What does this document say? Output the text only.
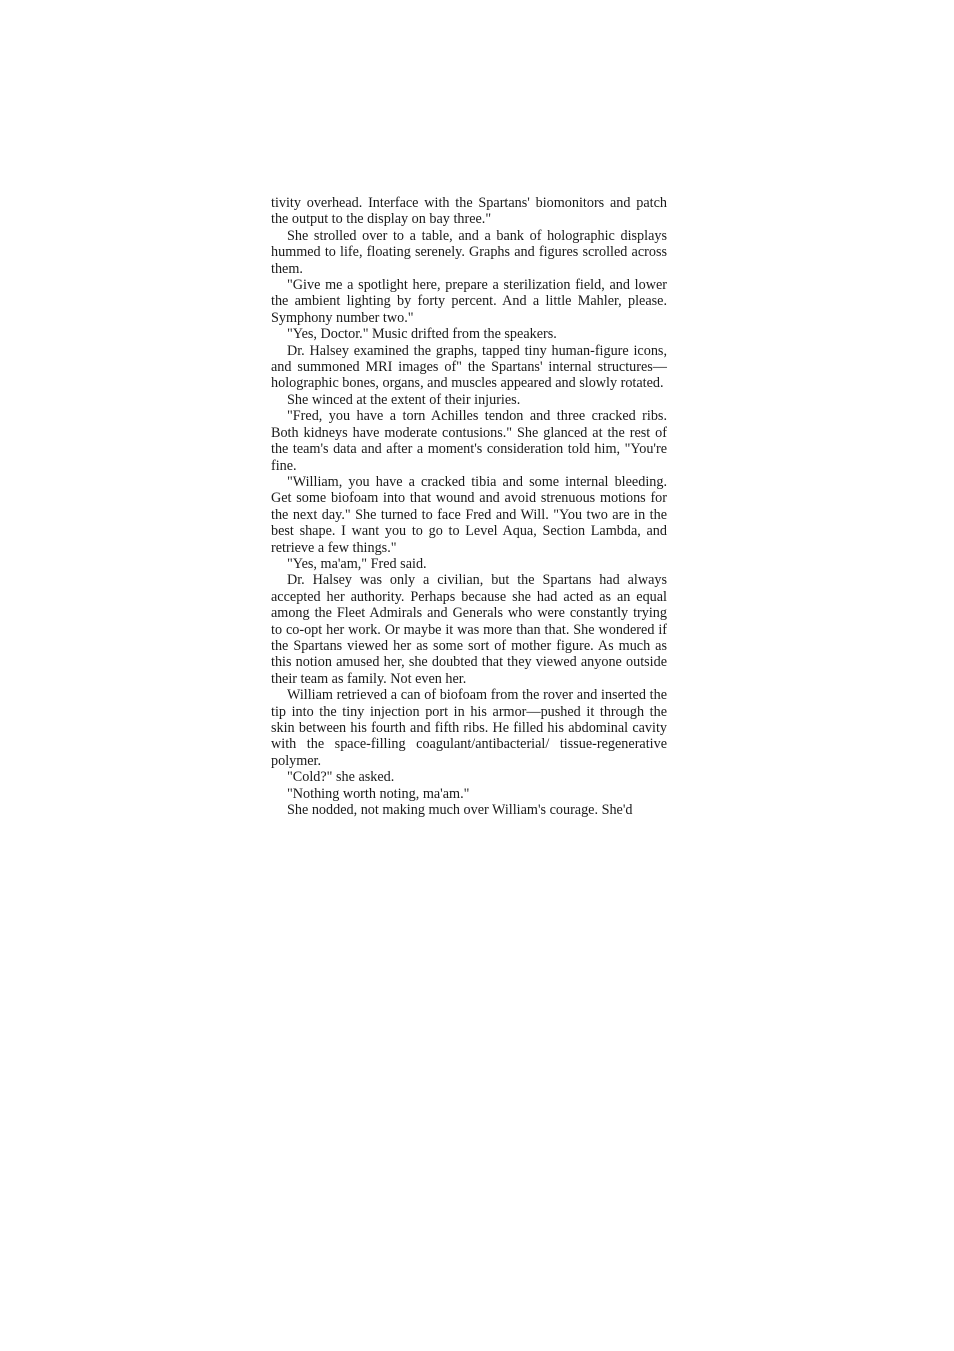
tivity overhead. Interface with the Spartans' biomonitors and patch the output to the display on bay three."

She strolled over to a table, and a bank of holographic displays hummed to life, floating serenely. Graphs and figures scrolled across them.

"Give me a spotlight here, prepare a sterilization field, and lower the ambient lighting by forty percent. And a little Mahler, please. Symphony number two."

"Yes, Doctor." Music drifted from the speakers.

Dr. Halsey examined the graphs, tapped tiny human-figure icons, and summoned MRI images of" the Spartans' internal structures—holographic bones, organs, and muscles appeared and slowly rotated.

She winced at the extent of their injuries.

"Fred, you have a torn Achilles tendon and three cracked ribs. Both kidneys have moderate contusions." She glanced at the rest of the team's data and after a moment's consideration told him, "You're fine.

"William, you have a cracked tibia and some internal bleeding. Get some biofoam into that wound and avoid strenuous motions for the next day." She turned to face Fred and Will. "You two are in the best shape. I want you to go to Level Aqua, Section Lambda, and retrieve a few things."

"Yes, ma'am," Fred said.

Dr. Halsey was only a civilian, but the Spartans had always accepted her authority. Perhaps because she had acted as an equal among the Fleet Admirals and Generals who were constantly trying to co-opt her work. Or maybe it was more than that. She wondered if the Spartans viewed her as some sort of mother figure. As much as this notion amused her, she doubted that they viewed anyone outside their team as family. Not even her.

William retrieved a can of biofoam from the rover and inserted the tip into the tiny injection port in his armor—pushed it through the skin between his fourth and fifth ribs. He filled his abdominal cavity with the space-filling coagulant/antibacterial/ tissue-regenerative polymer.

"Cold?" she asked.

"Nothing worth noting, ma'am."

She nodded, not making much over William's courage. She'd
